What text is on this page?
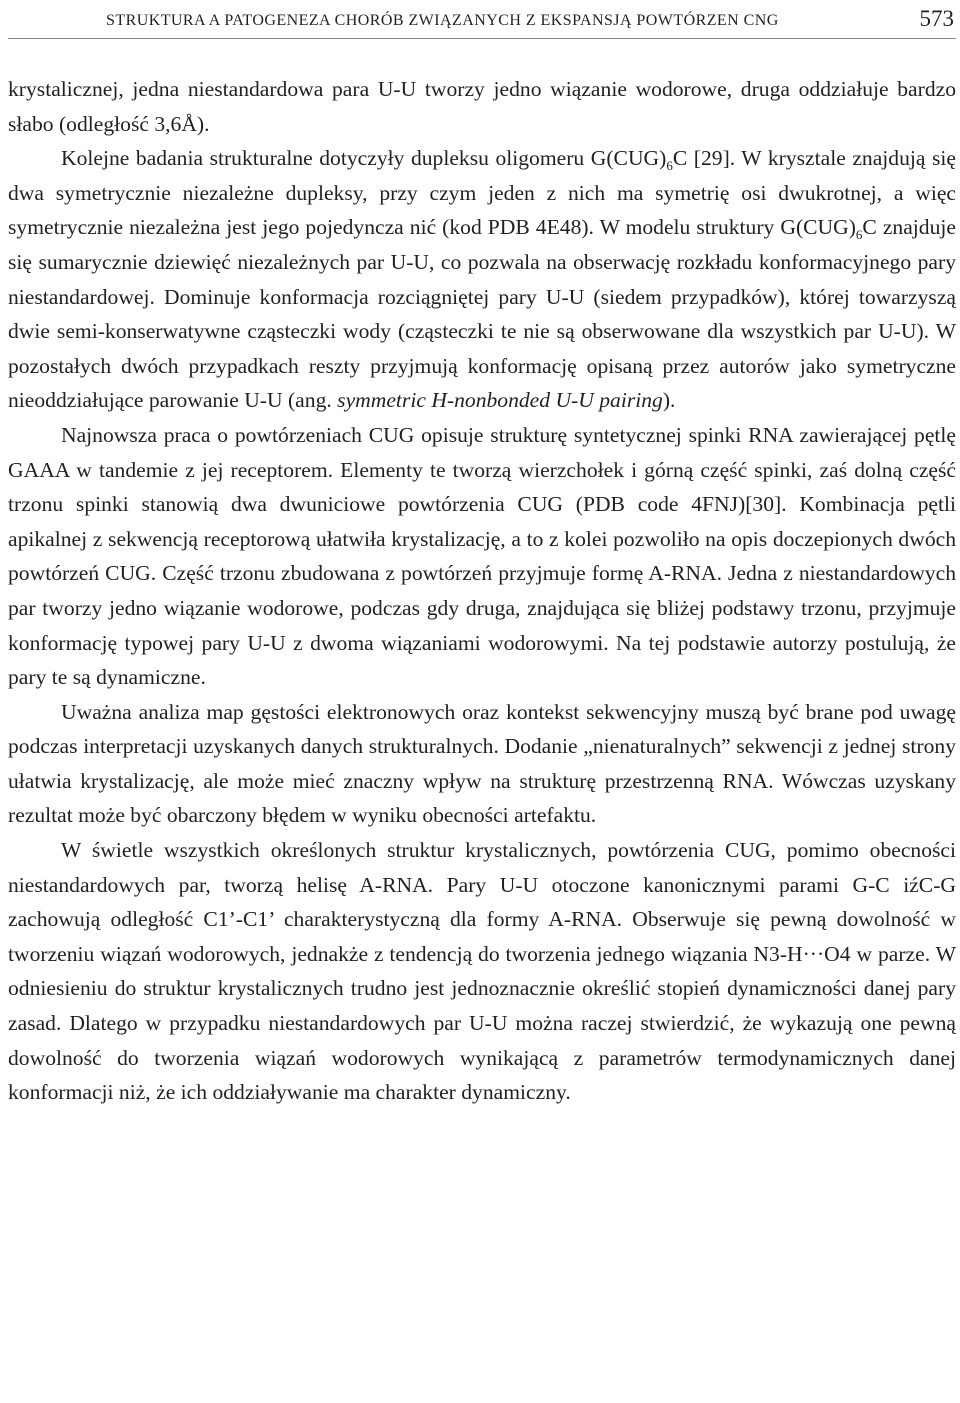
STRUKTURA A PATOGENEZA CHORÓB ZWIĄZANYCH Z EKSPANSJĄ POWTÓRZEN CNG	573

krystalicznej, jedna niestandardowa para U-U tworzy jedno wiązanie wodorowe, druga oddziałuje bardzo słabo (odległość 3,6Å).

Kolejne badania strukturalne dotyczyły dupleksu oligomeru $G(CUG)_6C$ [29]. W krysztale znajdują się dwa symetrycznie niezależne dupleksy, przy czym jeden z nich ma symetrię osi dwukrotnej, a więc symetrycznie niezależna jest jego pojedyncza nić (kod PDB 4E48). W modelu struktury $G(CUG)_6C$ znajduje się sumarycznie dziewięć niezależnych par U-U, co pozwala na obserwację rozkładu konformacyjnego pary niestandardowej. Dominuje konformacja rozciągniętej pary U-U (siedem przypadków), której towarzyszą dwie semi-konserwatywne cząsteczki wody (cząsteczki te nie są obserwowane dla wszystkich par U-U). W pozostałych dwóch przypadkach reszty przyjmują konformację opisaną przez autorów jako symetryczne nieoddziałujące parowanie U-U (ang. symmetric H-nonbonded U-U pairing).

Najnowsza praca o powtórzeniach CUG opisuje strukturę syntetycznej spinki RNA zawierającej pętlę GAAA w tandemie z jej receptorem. Elementy te tworzą wierzchołek i górną część spinki, zaś dolną część trzonu spinki stanowią dwa dwuniciowe powtórzenia CUG (PDB code 4FNJ)[30]. Kombinacja pętli apikalnej z sekwencją receptorową ułatwiła krystalizację, a to z kolei pozwoliło na opis doczepionych dwóch powtórzeń CUG. Część trzonu zbudowana z powtórzeń przyjmuje formę A-RNA. Jedna z niestandardowych par tworzy jedno wiązanie wodorowe, podczas gdy druga, znajdująca się bliżej podstawy trzonu, przyjmuje konformację typowej pary U-U z dwoma wiązaniami wodorowymi. Na tej podstawie autorzy postulują, że pary te są dynamiczne.

Uważna analiza map gęstości elektronowych oraz kontekst sekwencyjny muszą być brane pod uwagę podczas interpretacji uzyskanych danych strukturalnych. Dodanie „nienaturalnych” sekwencji z jednej strony ułatwia krystalizację, ale może mieć znaczny wpływ na strukturę przestrzenną RNA. Wówczas uzyskany rezultat może być obarczony błędem w wyniku obecności artefaktu.

W świetle wszystkich określonych struktur krystalicznych, powtórzenia CUG, pomimo obecności niestandardowych par, tworzą helisę A-RNA. Pary U-U otoczone kanonicznymi parami G-C iźC-G zachowują odległość C1’-C1’ charakterystyczną dla formy A-RNA. Obserwuje się pewną dowolność w tworzeniu wiązań wodorowych, jednakże z tendencją do tworzenia jednego wiązania N3-H···O4 w parze. W odniesieniu do struktur krystalicznych trudno jest jednoznacznie określić stopień dynamiczności danej pary zasad. Dlatego w przypadku niestandardowych par U-U można raczej stwierdzić, że wykazują one pewną dowolność do tworzenia wiązań wodorowych wynikającą z parametrów termodynamicznych danej konformacji niż, że ich oddziaływanie ma charakter dynamiczny.
